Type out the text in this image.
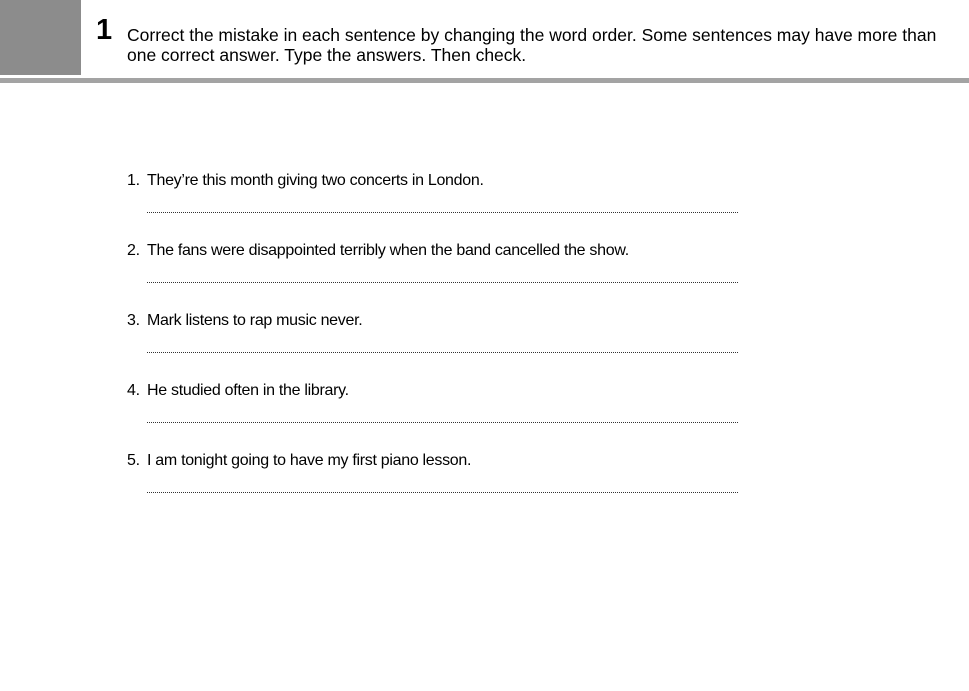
1 Correct the mistake in each sentence by changing the word order. Some sentences may have more than one correct answer. Type the answers. Then check.
1. They’re this month giving two concerts in London.
2. The fans were disappointed terribly when the band cancelled the show.
3. Mark listens to rap music never.
4. He studied often in the library.
5. I am tonight going to have my first piano lesson.
